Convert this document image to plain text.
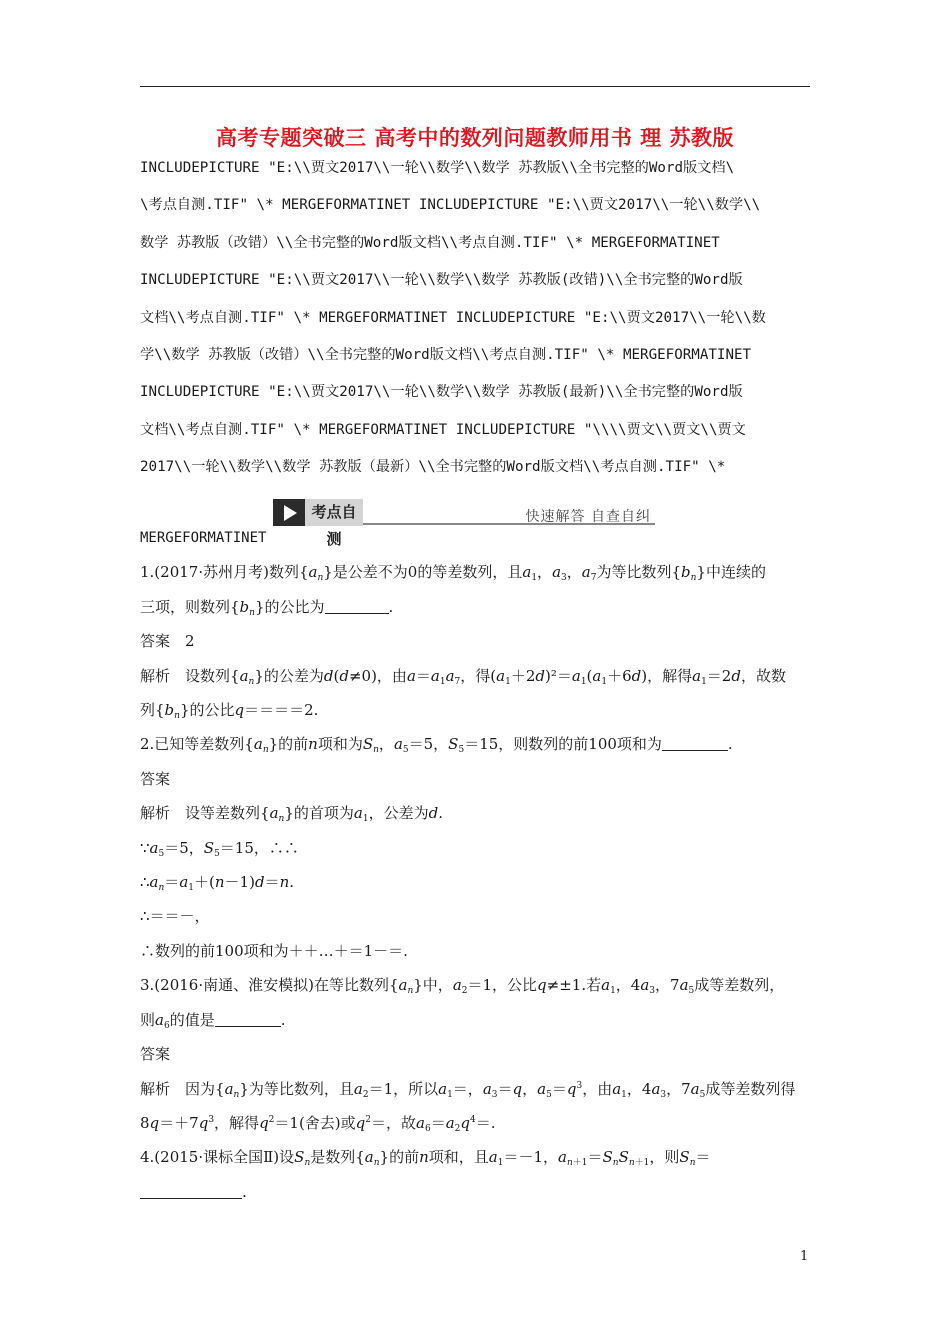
高考专题突破三 高考中的数列问题教师用书 理 苏教版
INCLUDEPICTURE "E:\\贾文2017\\一轮\\数学\\数学 苏教版\\全书完整的Word版文档\
\考点自测.TIF" \* MERGEFORMATINET INCLUDEPICTURE "E:\\贾文2017\\一轮\\数学\\
数学 苏教版（改错）\\全书完整的Word版文档\\考点自测.TIF" \* MERGEFORMATINET
INCLUDEPICTURE "E:\\贾文2017\\一轮\\数学\\数学 苏教版(改错)\\全书完整的Word版
文档\\考点自测.TIF" \* MERGEFORMATINET INCLUDEPICTURE "E:\\贾文2017\\一轮\\数
学\\数学 苏教版（改错）\\全书完整的Word版文档\\考点自测.TIF" \* MERGEFORMATINET
INCLUDEPICTURE "E:\\贾文2017\\一轮\\数学\\数学 苏教版(最新)\\全书完整的Word版
文档\\考点自测.TIF" \* MERGEFORMATINET INCLUDEPICTURE "\\\\贾文\\贾文\\贾文
2017\\一轮\\数学\\数学 苏教版（最新）\\全书完整的Word版文档\\考点自测.TIF" \*
考点自测
快速解答 自查自纠

MERGEFORMATINET

1.(2017·苏州月考)数列$\{a_n\}$是公差不为0的等差数列，且$a_1$，$a_3$，$a_7$为等比数列$\{b_n\}$中连续的

三项，则数列$\{b_n\}$的公比为	.

答案　 2

解析　 设数列$\{a_n\}$的公差为d(d≠0)，由$a=a_1a_7$，得$(a_1+2d)^2=a_1(a_1+6d)$，解得$a_1=2d$，故数

列$\{b_n\}$的公比q＝＝＝＝2.

2.已知等差数列$\{a_n\}$的前n项和为$S_n$，$a_5=5$，$S_5=15$，则数列的前100项和为	.

答案

解析　 设等差数列$\{a_n\}$的首项为$a_1$，公差为d.

$\because a_5=5$，$S_5=15$，∴∴

$\therefore a_n=a_1+(n-1)d=n$.

∴＝＝－，

∴数列的前100项和为＋＋…＋＝1－＝.

3.(2016·南通、淮安模拟)在等比数列$\{a_n\}$中，$a_2=1$，公比q≠±1.若$a_1$，$4a_3$，$7a_5$成等差数列，

则$a_6$的值是	.

答案

解析　 因为$\{a_n\}$为等比数列，且$a_2=1$，所以$a_1=$，$a_3=q$，$a_5=q^3$，由$a_1$，$4a_3$，$7a_5$成等差数列得

$8q=+7q^3$，解得$q^2=1$(舍去)或$q^2=$，故$a_6=a_2q^4=$.

4.(2015·课标全国Ⅱ)设$S_n$是数列$\{a_n\}$的前n项和，且$a_1=-1$，$a_{n+1}=S_nS_{n+1}$，则$S_n=$

.

1
